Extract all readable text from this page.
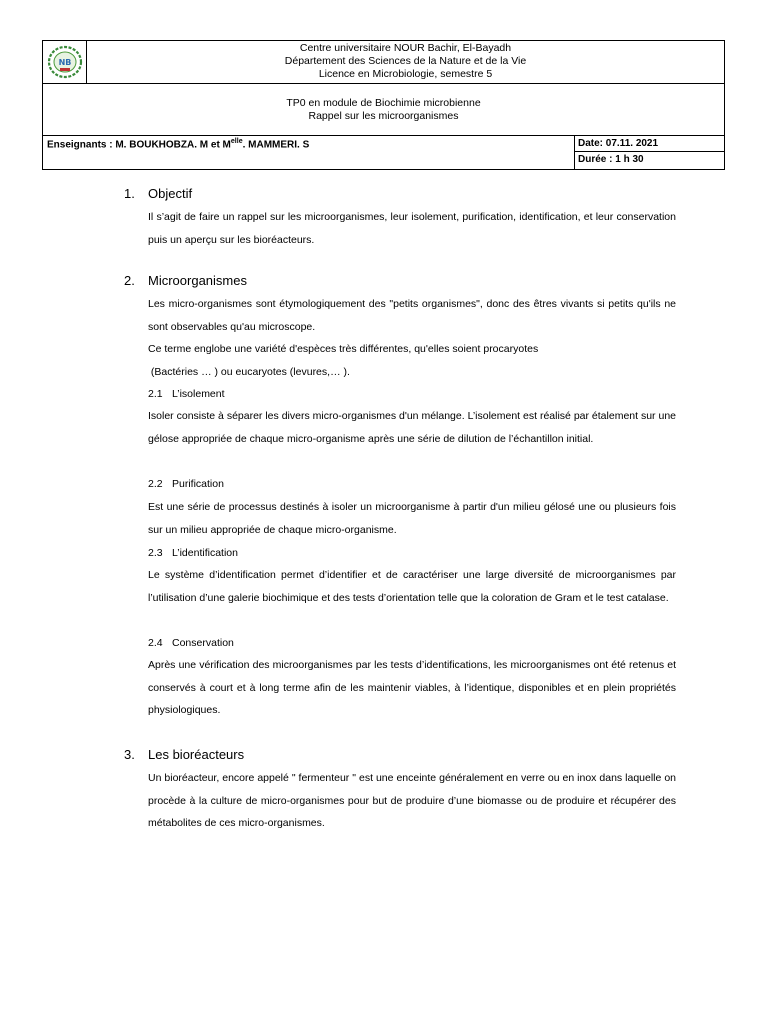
NB
Centre universitaire NOUR Bachir, El-Bayadh
Département des Sciences de la Nature et de la Vie
Licence en Microbiologie, semestre 5
TP0 en module de Biochimie microbienne
Rappel sur les microorganismes
Enseignants : M. BOUKHOBZA. M et $M^{elle}$. MAMMERI. S	Date: 07.11. 2021
Durée : 1 h 30
1. Objectif

Il s’agit de faire un rappel sur les microorganismes, leur isolement, purification, identification, et leur conservation puis un aperçu sur les bioréacteurs.

2. Microorganismes

Les micro-organismes sont étymologiquement des "petits organismes", donc des êtres vivants si petits qu'ils ne sont observables qu'au microscope.

Ce terme englobe une variété d'espèces très différentes, qu'elles soient procaryotes

(Bactéries … ) ou eucaryotes (levures,… ).

2.1 L’isolement

Isoler consiste à séparer les divers micro-organismes d'un mélange. L’isolement est réalisé par étalement sur une gélose appropriée de chaque micro-organisme après une série de dilution de l’échantillon initial.

2.2 Purification

Est une série de processus destinés à isoler un microorganisme à partir d'un milieu gélosé une ou plusieurs fois sur un milieu appropriée de chaque micro-organisme.

2.3 L’identification

Le système d’identification permet d’identifier et de caractériser une large diversité de microorganismes par l’utilisation d’une galerie biochimique et des tests d’orientation telle que la coloration de Gram et le test catalase.

2.4 Conservation

Après une vérification des microorganismes par les tests d’identifications, les microorganismes ont été retenus et conservés à court et à long terme afin de les maintenir viables, à l’identique, disponibles et en plein propriétés physiologiques.

3. Les bioréacteurs

Un bioréacteur, encore appelé " fermenteur " est une enceinte généralement en verre ou en inox dans laquelle on procède à la culture de micro-organismes pour but de produire d’une biomasse ou de produire et récupérer des métabolites de ces micro-organismes.
